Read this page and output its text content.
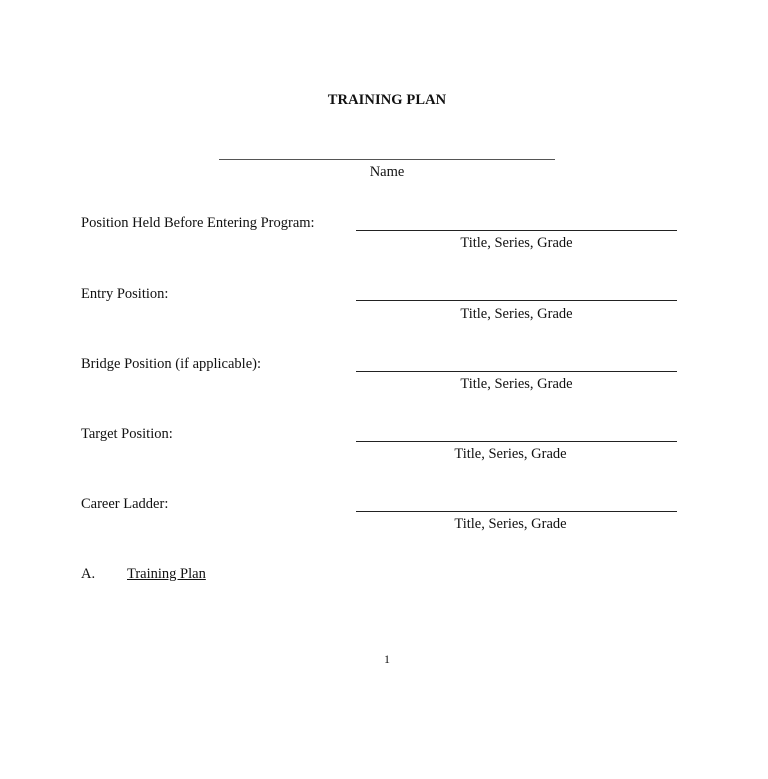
TRAINING PLAN
Name
Position Held Before Entering Program:
Title, Series, Grade
Entry Position:
Title, Series, Grade
Bridge Position (if applicable):
Title, Series, Grade
Target Position:
Title, Series, Grade
Career Ladder:
Title, Series, Grade
A. Training Plan
1
